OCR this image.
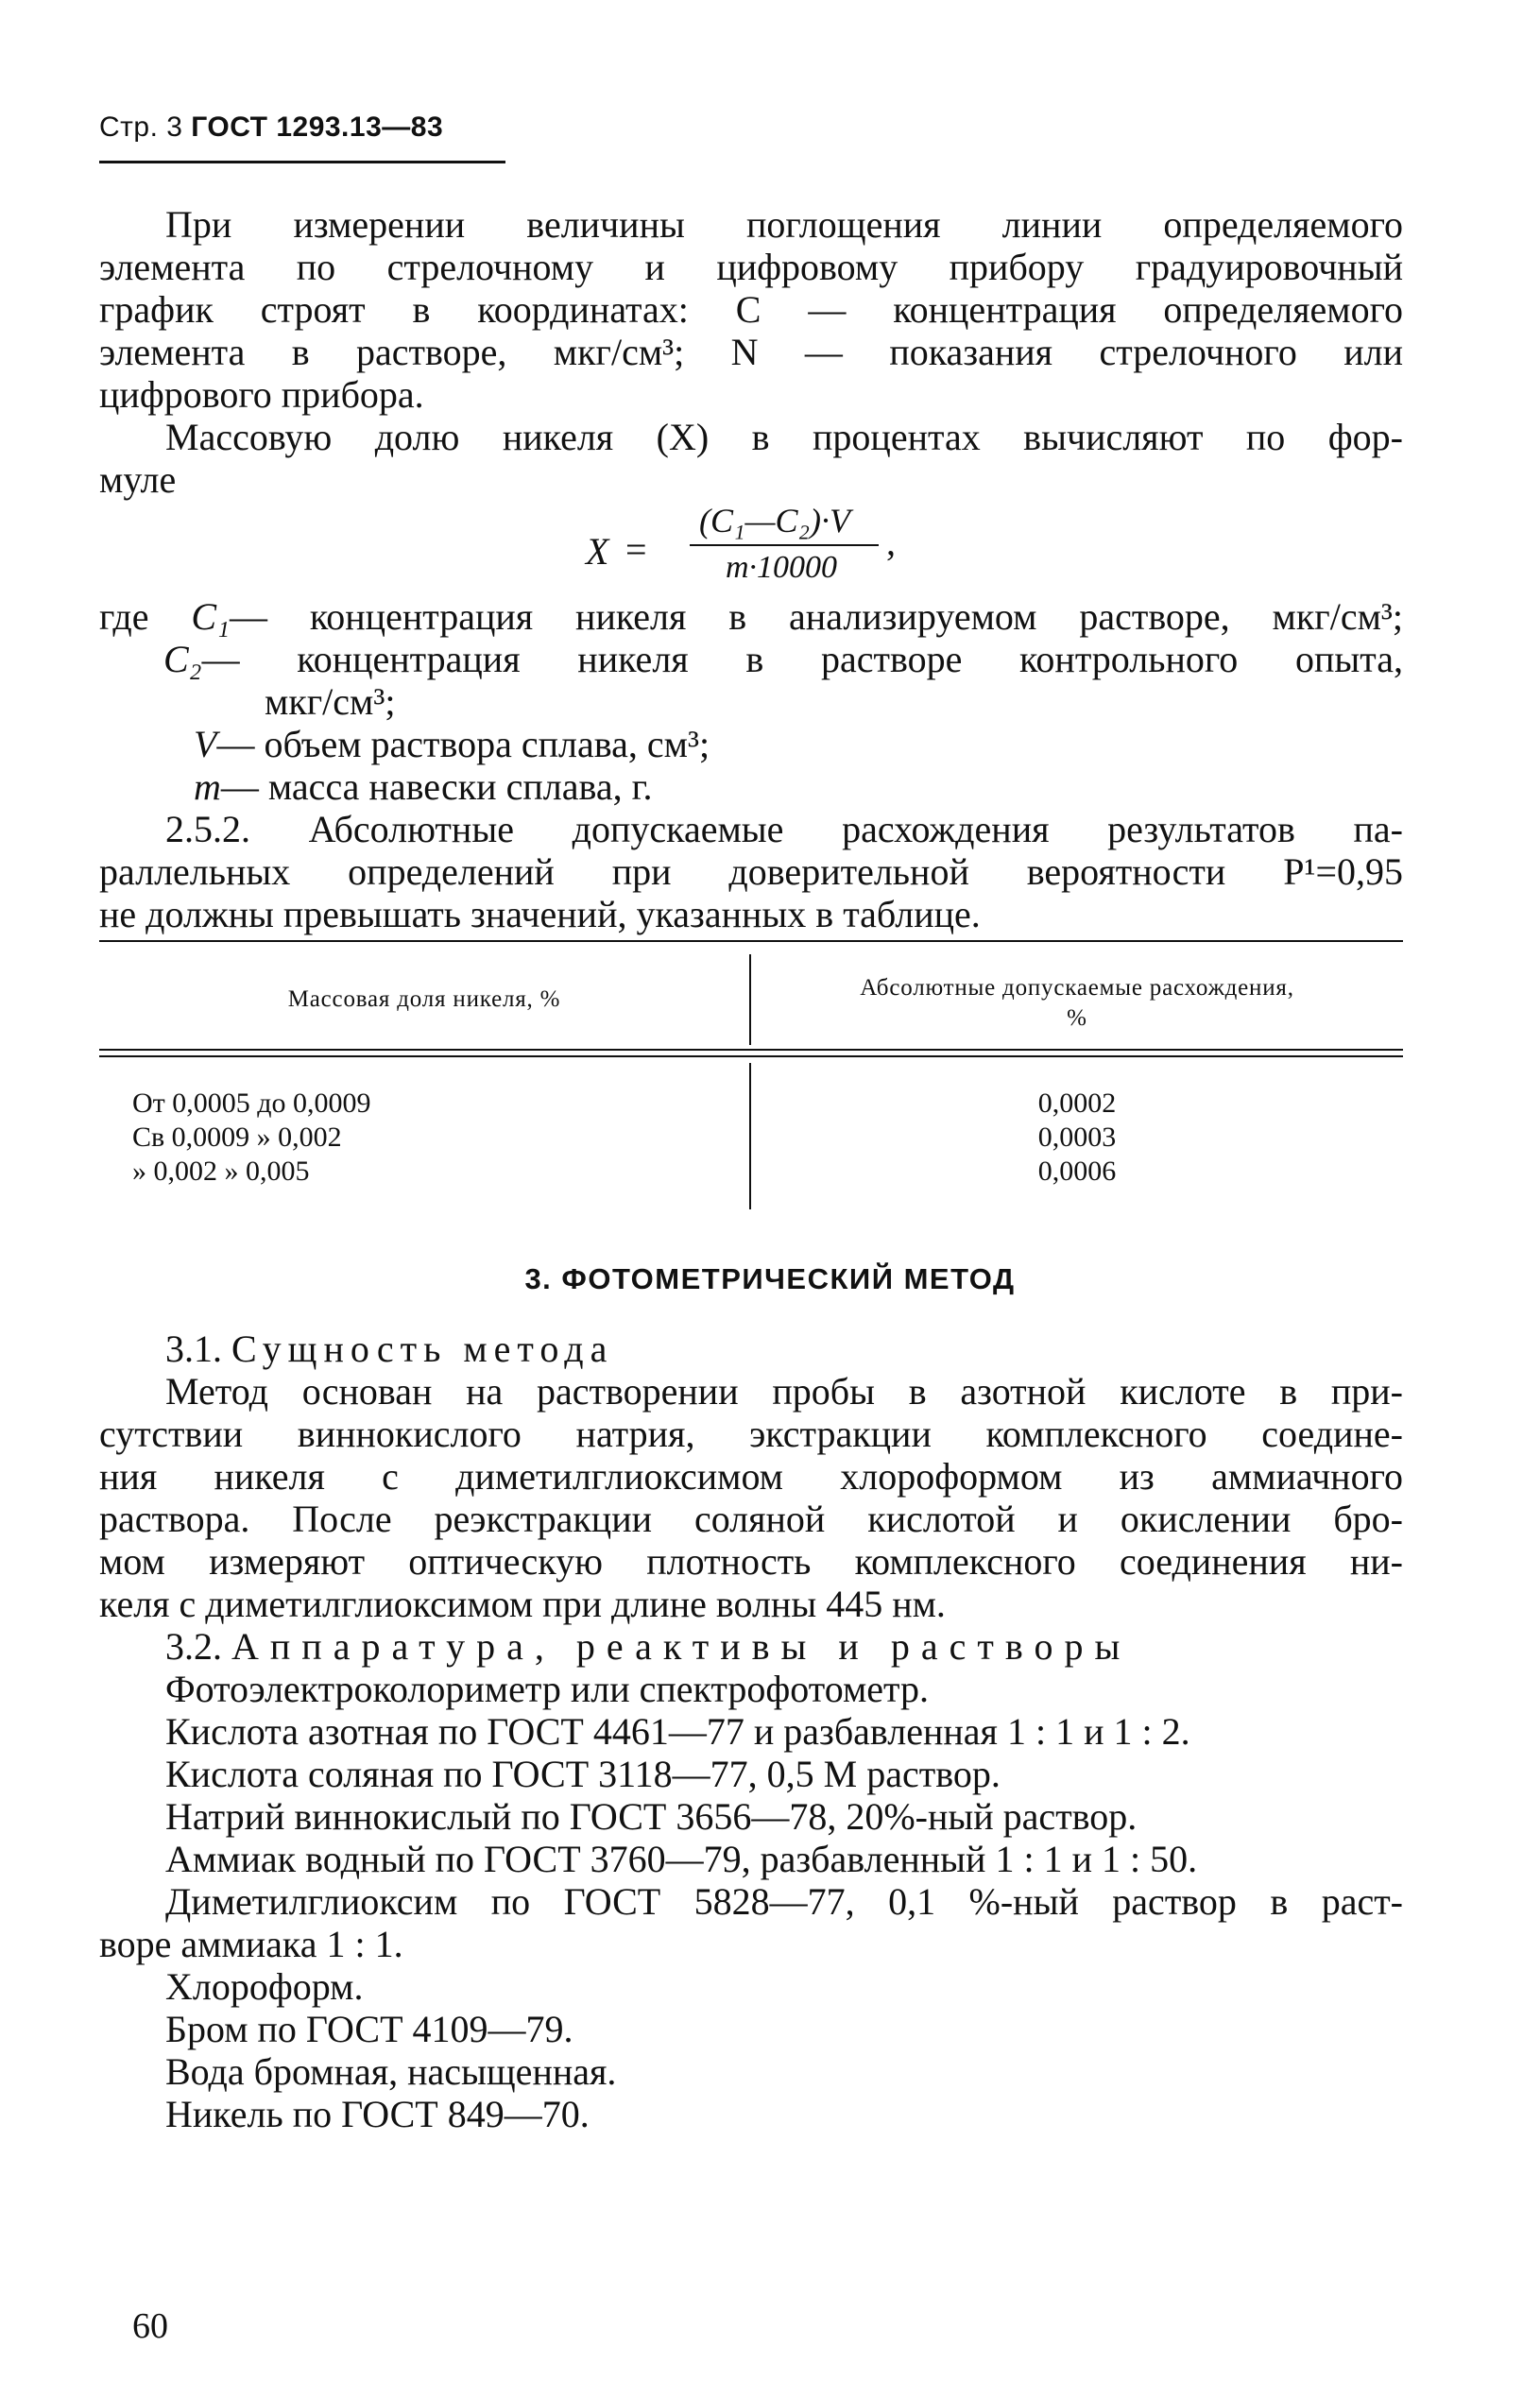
Стр. 3 ГОСТ 1293.13—83
При измерении величины поглощения линии определяемого
элемента по стрелочному и цифровому прибору градуировочный
график строят в координатах: C — концентрация определяемого
элемента в растворе, мкг/см³; N — показания стрелочного или
цифрового прибора.
Массовую долю никеля (X) в процентах вычисляют по фор-
муле
X =
(C₁—C₂)·V
m·10000
,
где C₁— концентрация никеля в анализируемом растворе, мкг/см³;
C₂— концентрация никеля в растворе контрольного опыта,
мкг/см³;
V— объем раствора сплава, см³;
m— масса навески сплава, г.
2.5.2. Абсолютные допускаемые расхождения результатов па-
раллельных определений при доверительной вероятности P¹=0,95
не должны превышать значений, указанных в таблице.
Массовая доля никеля, %	Абсолютные допускаемые расхождения,
%
От 0,0005 до 0,0009
Св 0,0009 » 0,002
» 0,002 » 0,005
0,0002
0,0003
0,0006
3. ФОТОМЕТРИЧЕСКИЙ МЕТОД
3.1. Сущность метода
Метод основан на растворении пробы в азотной кислоте в при-
сутствии виннокислого натрия, экстракции комплексного соедине-
ния никеля с диметилглиоксимом хлороформом из аммиачного
раствора. После реэкстракции соляной кислотой и окислении бро-
мом измеряют оптическую плотность комплексного соединения ни-
келя с диметилглиоксимом при длине волны 445 нм.
3.2. Аппаратура, реактивы и растворы
Фотоэлектроколориметр или спектрофотометр.
Кислота азотная по ГОСТ 4461—77 и разбавленная 1 : 1 и 1 : 2.
Кислота соляная по ГОСТ 3118—77, 0,5 М раствор.
Натрий виннокислый по ГОСТ 3656—78, 20%-ный раствор.
Аммиак водный по ГОСТ 3760—79, разбавленный 1 : 1 и 1 : 50.
Диметилглиоксим по ГОСТ 5828—77, 0,1 %-ный раствор в раст-
воре аммиака 1 : 1.
Хлороформ.
Бром по ГОСТ 4109—79.
Вода бромная, насыщенная.
Никель по ГОСТ 849—70.
60
